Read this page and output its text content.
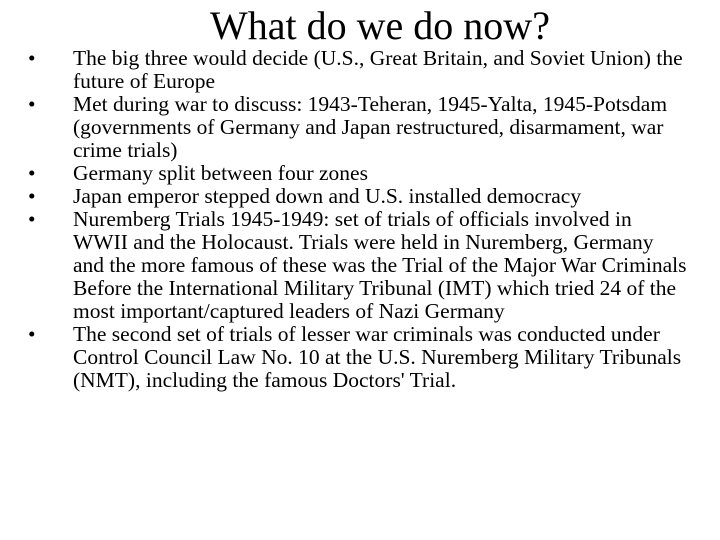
What do we do now?
•	The big three would decide (U.S., Great Britain, and Soviet Union) the future of Europe
•	Met during war to discuss: 1943-Teheran, 1945-Yalta, 1945-Potsdam (governments of Germany and Japan restructured, disarmament, war crime trials)
•	Germany split between four zones
•	Japan emperor stepped down and U.S. installed democracy
•	Nuremberg Trials 1945-1949: set of trials of officials involved in WWII and the Holocaust. Trials were held in Nuremberg, Germany and the more famous of these was the Trial of the Major War Criminals Before the International Military Tribunal (IMT) which tried 24 of the most important/captured leaders of Nazi Germany
•	The second set of trials of lesser war criminals was conducted under Control Council Law No. 10 at the U.S. Nuremberg Military Tribunals (NMT), including the famous Doctors' Trial.
